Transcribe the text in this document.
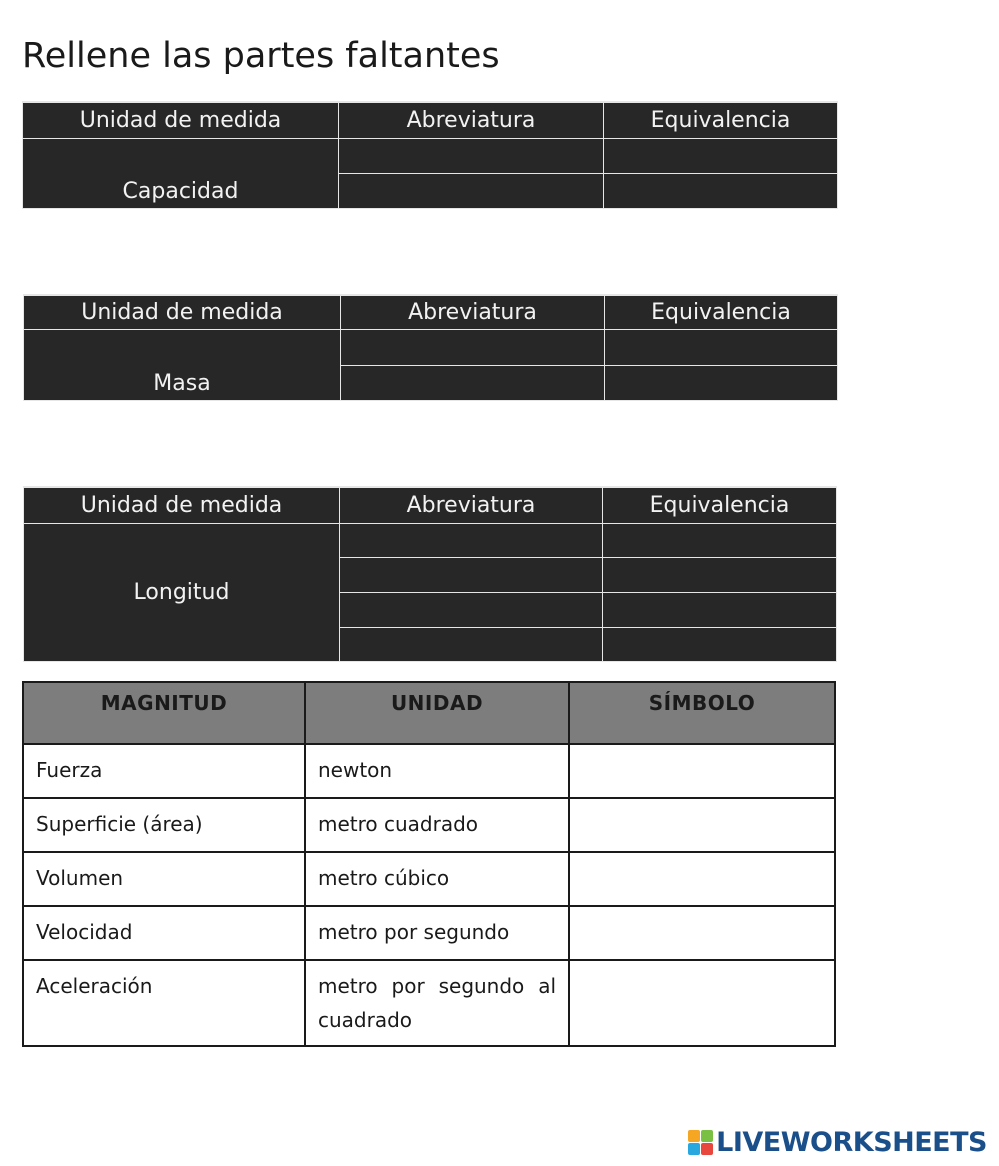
Rellene las partes faltantes
Unidad de medida	Abreviatura	Equivalencia
Capacidad		

Unidad de medida	Abreviatura	Equivalencia
Masa		

Unidad de medida	Abreviatura	Equivalencia
Longitud		

MAGNITUD	UNIDAD	SÍMBOLO
Fuerza	newton	
Superficie (área)	metro cuadrado	
Volumen	metro cúbico	
Velocidad	metro por segundo	
Aceleración	metro por segundo al cuadrado	
LIVEWORKSHEETS
